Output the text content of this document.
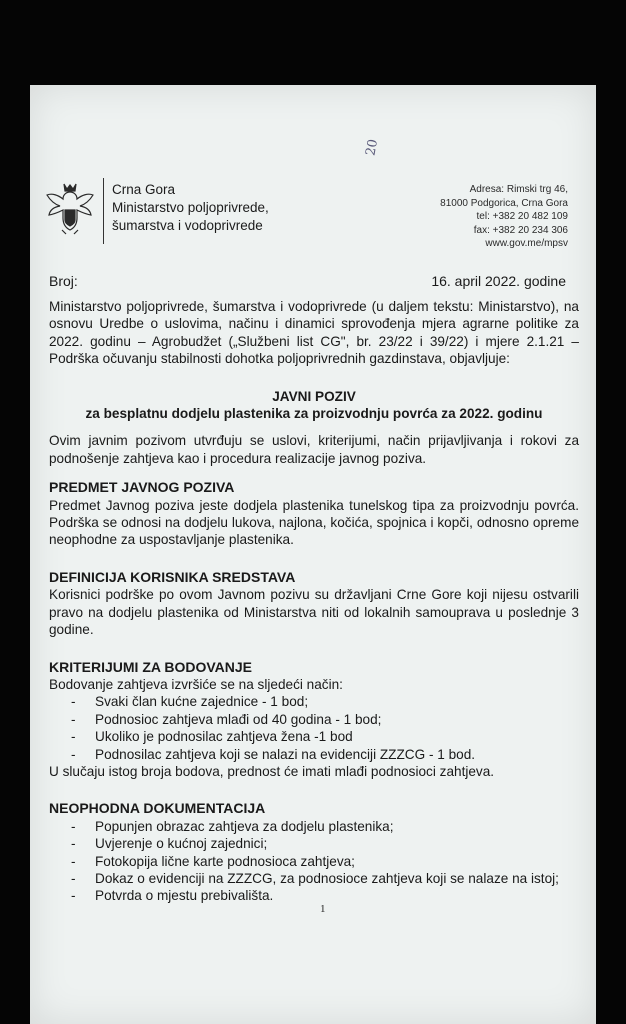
20
Crna Gora
Ministarstvo poljoprivrede,
šumarstva i vodoprivrede
Adresa: Rimski trg 46,
81000 Podgorica, Crna Gora
tel: +382 20 482 109
fax: +382 20 234 306
www.gov.me/mpsv
Broj:	16. april 2022. godine

Ministarstvo poljoprivrede, šumarstva i vodoprivrede (u daljem tekstu: Ministarstvo), na osnovu Uredbe o uslovima, načinu i dinamici sprovođenja mjera agrarne politike za 2022. godinu – Agrobudžet („Službeni list CG", br. 23/22 i 39/22) i mjere 2.1.21 – Podrška očuvanju stabilnosti dohotka poljoprivrednih gazdinstava, objavljuje:

JAVNI POZIV
za besplatnu dodjelu plastenika za proizvodnju povrća za 2022. godinu
Ovim javnim pozivom utvrđuju se uslovi, kriterijumi, način prijavljivanja i rokovi za podnošenje zahtjeva kao i procedura realizacije javnog poziva.
PREDMET JAVNOG POZIVA
Predmet Javnog poziva jeste dodjela plastenika tunelskog tipa za proizvodnju povrća. Podrška se odnosi na dodjelu lukova, najlona, kočića, spojnica i kopči, odnosno opreme neophodne za uspostavljanje plastenika.
DEFINICIJA KORISNIKA SREDSTAVA
Korisnici podrške po ovom Javnom pozivu su državljani Crne Gore koji nijesu ostvarili pravo na dodjelu plastenika od Ministarstva niti od lokalnih samouprava u poslednje 3 godine.
KRITERIJUMI ZA BODOVANJE
Bodovanje zahtjeva izvršiće se na sljedeći način:
- Svaki član kućne zajednice - 1 bod;
- Podnosioc zahtjeva mlađi od 40 godina - 1 bod;
- Ukoliko je podnosilac zahtjeva žena -1 bod
- Podnosilac zahtjeva koji se nalazi na evidenciji ZZZCG - 1 bod.
U slučaju istog broja bodova, prednost će imati mlađi podnosioci zahtjeva.
NEOPHODNA DOKUMENTACIJA
- Popunjen obrazac zahtjeva za dodjelu plastenika;
- Uvjerenje o kućnoj zajednici;
- Fotokopija lične karte podnosioca zahtjeva;
- Dokaz o evidenciji na ZZZCG, za podnosioce zahtjeva koji se nalaze na istoj;
- Potvrda o mjestu prebivališta.
1
